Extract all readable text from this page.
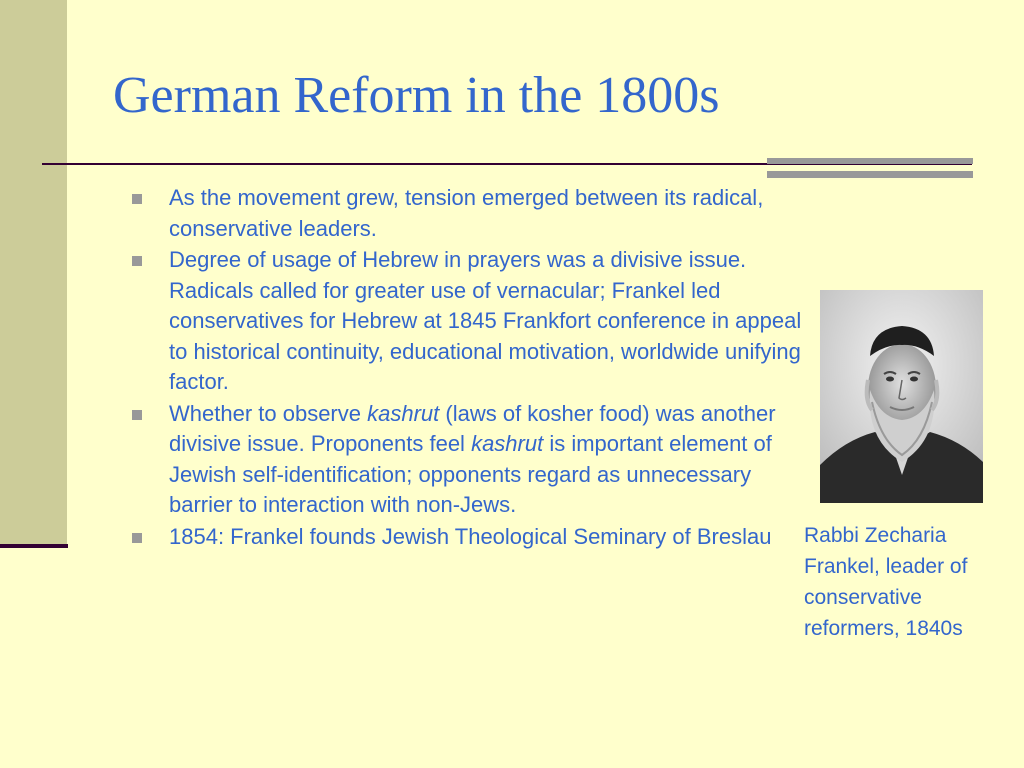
German Reform in the 1800s
As the movement grew, tension emerged between its radical, conservative leaders.
Degree of usage of Hebrew in prayers was a divisive issue. Radicals called for greater use of vernacular; Frankel led conservatives for Hebrew at 1845 Frankfort conference in appeal to historical continuity, educational motivation, worldwide unifying factor.
Whether to observe kashrut (laws of kosher food) was another divisive issue. Proponents feel kashrut is important element of Jewish self-identification; opponents regard as unnecessary barrier to interaction with non-Jews.
1854: Frankel founds Jewish Theological Seminary of Breslau	Rabbi Zecharia Frankel, leader of conservative reformers, 1840s
